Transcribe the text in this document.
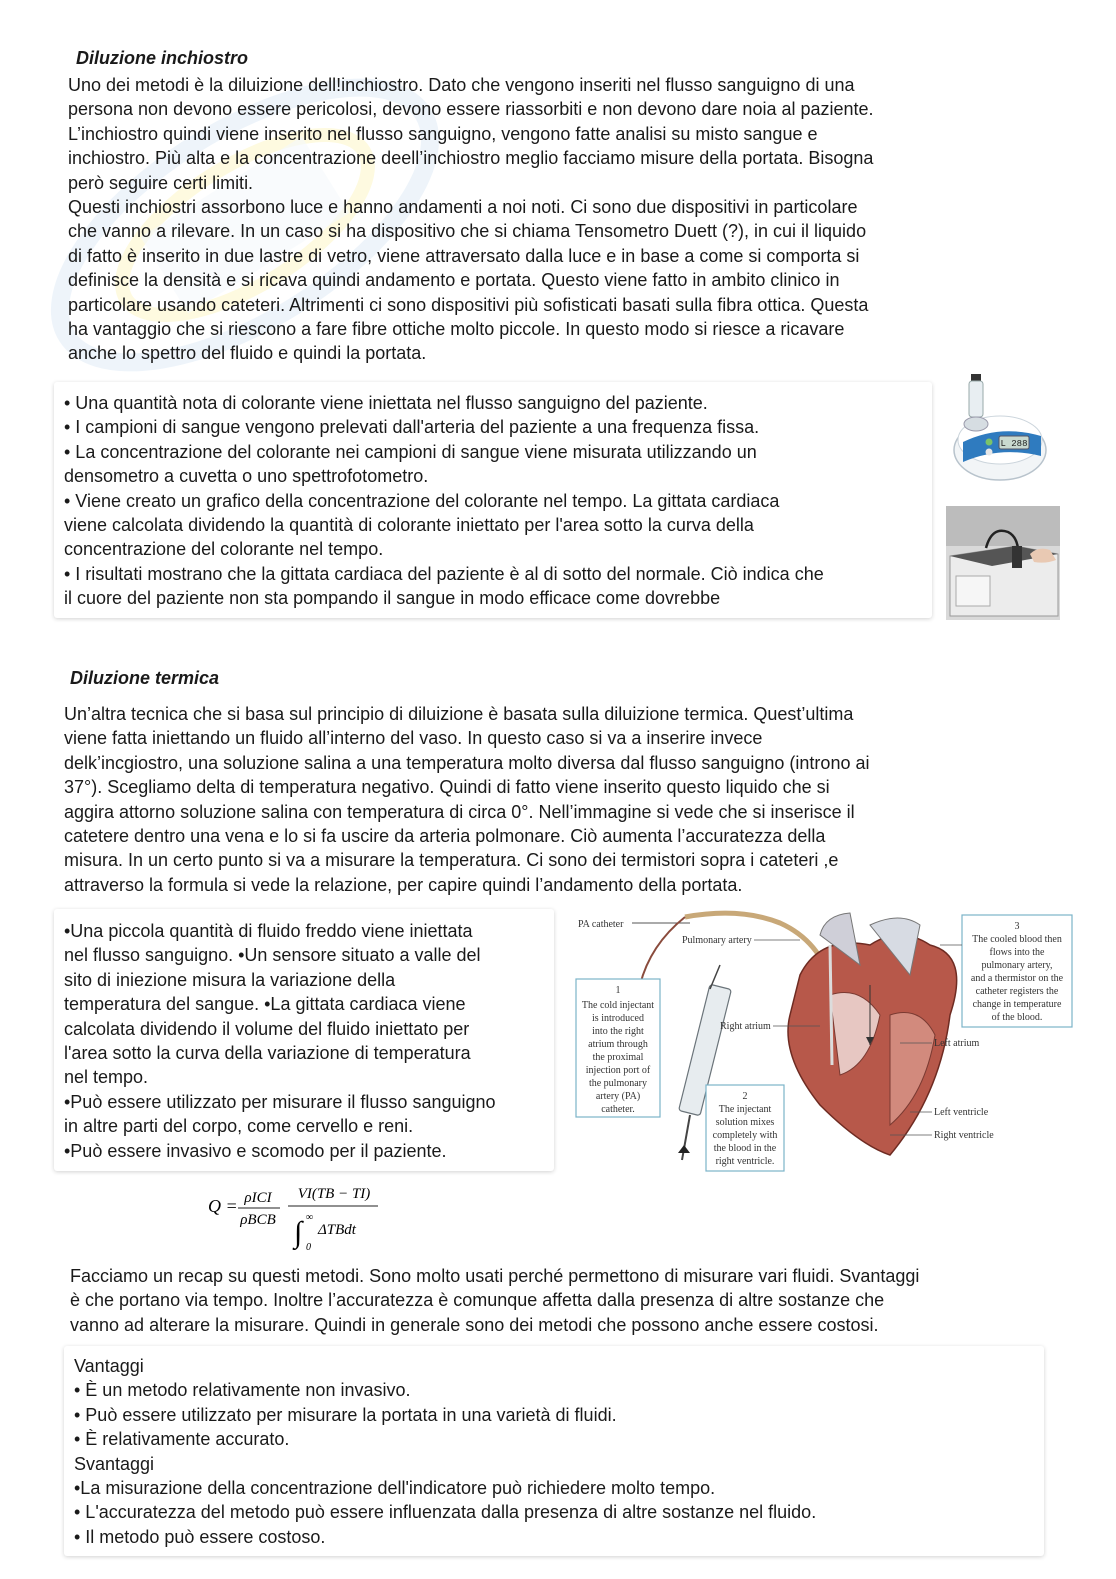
Diluzione inchiostro
Uno dei metodi è la diluizione dell!inchiostro. Dato che vengono inseriti nel flusso sanguigno di una
persona non devono essere pericolosi, devono essere riassorbiti e non devono dare noia al paziente.
L’inchiostro quindi viene inserito nel flusso sanguigno, vengono fatte analisi su misto sangue e
inchiostro. Più alta e la concentrazione deell’inchiostro meglio facciamo misure della portata. Bisogna
però seguire certi limiti.
Questi inchiostri assorbono luce e hanno andamenti a noi noti. Ci sono due dispositivi in particolare
che vanno a rilevare. In un caso si ha dispositivo che si chiama Tensometro Duett (?), in cui il liquido
di fatto è inserito in due lastre di vetro, viene attraversato dalla luce e in base a come si comporta si
definisce la densità e si ricava quindi andamento e portata. Questo viene fatto in ambito clinico in
particolare usando cateteri. Altrimenti ci sono dispositivi più sofisticati basati sulla fibra ottica. Questa
ha vantaggio che si riescono a fare fibre ottiche molto piccole. In questo modo si riesce a ricavare
anche lo spettro del fluido e quindi la portata.
• Una quantità nota di colorante viene iniettata nel flusso sanguigno del paziente.
• I campioni di sangue vengono prelevati dall'arteria del paziente a una frequenza fissa.
• La concentrazione del colorante nei campioni di sangue viene misurata utilizzando un
densometro a cuvetta o uno spettrofotometro.
• Viene creato un grafico della concentrazione del colorante nel tempo. La gittata cardiaca
viene calcolata dividendo la quantità di colorante iniettato per l'area sotto la curva della
concentrazione del colorante nel tempo.
• I risultati mostrano che la gittata cardiaca del paziente è al di sotto del normale. Ciò indica che
il cuore del paziente non sta pompando il sangue in modo efficace come dovrebbe
L 288
Diluzione termica
Un’altra tecnica che si basa sul principio di diluizione è basata sulla diluizione termica. Quest’ultima
viene fatta iniettando un fluido all’interno del vaso. In questo caso si va a inserire invece
delk’incgiostro, una soluzione salina a una temperatura molto diversa dal flusso sanguigno (introno ai
37°). Scegliamo delta di temperatura negativo. Quindi di fatto viene inserito questo liquido che si
aggira attorno soluzione salina con temperatura di circa 0°. Nell’immagine si vede che si inserisce il
catetere dentro una vena e lo si fa uscire da arteria polmonare. Ciò aumenta l’accuratezza della
misura. In un certo punto si va a misurare la temperatura. Ci sono dei termistori sopra i cateteri ,e
attraverso la formula si vede la relazione, per capire quindi l’andamento della portata.
•Una piccola quantità di fluido freddo viene iniettata
nel flusso sanguigno. •Un sensore situato a valle del
sito di iniezione misura la variazione della
temperatura del sangue. •La gittata cardiaca viene
calcolata dividendo il volume del fluido iniettato per
l'area sotto la curva della variazione di temperatura
nel tempo.
•Può essere utilizzato per misurare il flusso sanguigno
in altre parti del corpo, come cervello e reni.
•Può essere invasivo e scomodo per il paziente.
PA catheter
Pulmonary artery
Right atrium
Left atrium
Left ventricle
Right ventricle
1
The cold injectant
is introduced
into the right
atrium through
the proximal
injection port of
the pulmonary
artery (PA)
catheter.
2
The injectant
solution mixes
completely with
the blood in the
right ventricle.
3
The cooled blood then
flows into the
pulmonary artery,
and a thermistor on the
catheter registers the
change in temperature
of the blood.
Q = ρICI
ρBCB
VI(TB − TI)
∫ ∞
0
ΔTBdt
Facciamo un recap su questi metodi. Sono molto usati perché permettono di misurare vari fluidi. Svantaggi
è che portano via tempo. Inoltre l’accuratezza è comunque affetta dalla presenza di altre sostanze che
vanno ad alterare la misurare. Quindi in generale sono dei metodi che possono anche essere costosi.
Vantaggi
• È un metodo relativamente non invasivo.
• Può essere utilizzato per misurare la portata in una varietà di fluidi.
• È relativamente accurato.
Svantaggi
•La misurazione della concentrazione dell'indicatore può richiedere molto tempo.
• L'accuratezza del metodo può essere influenzata dalla presenza di altre sostanze nel fluido.
• Il metodo può essere costoso.
